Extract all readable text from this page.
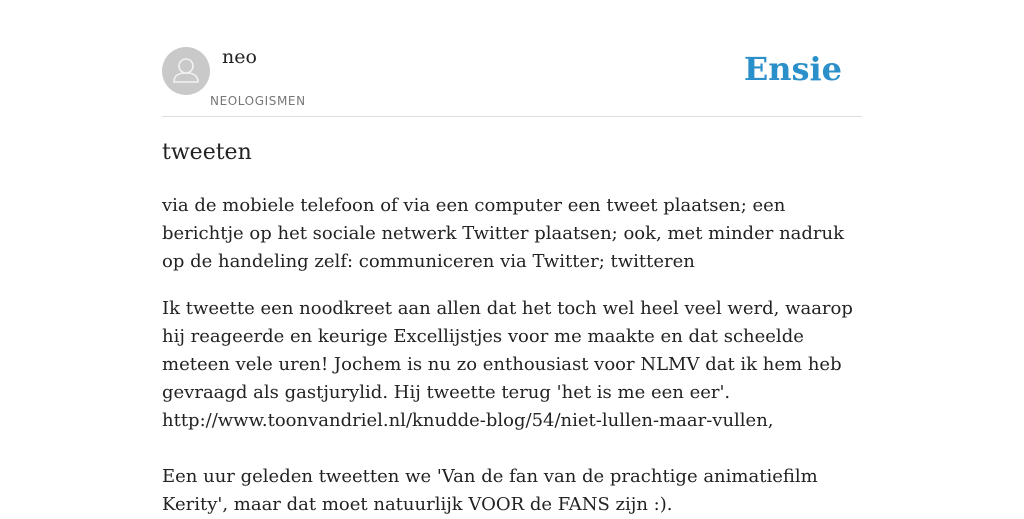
neo
NEOLOGISMEN
Ensie
tweeten

via de mobiele telefoon of via een computer een tweet plaatsen; een berichtje op het sociale netwerk Twitter plaatsen; ook, met minder nadruk op de handeling zelf: communiceren via Twitter; twitteren

Ik tweette een noodkreet aan allen dat het toch wel heel veel werd, waarop hij reageerde en keurige Excellijstjes voor me maakte en dat scheelde meteen vele uren! Jochem is nu zo enthousiast voor NLMV dat ik hem heb gevraagd als gastjurylid. Hij tweette terug 'het is me een eer'.
http://www.toonvandriel.nl/knudde-blog/54/niet-lullen-maar-vullen,

Een uur geleden tweetten we 'Van de fan van de prachtige animatiefilm Kerity', maar dat moet natuurlijk VOOR de FANS zijn :).
